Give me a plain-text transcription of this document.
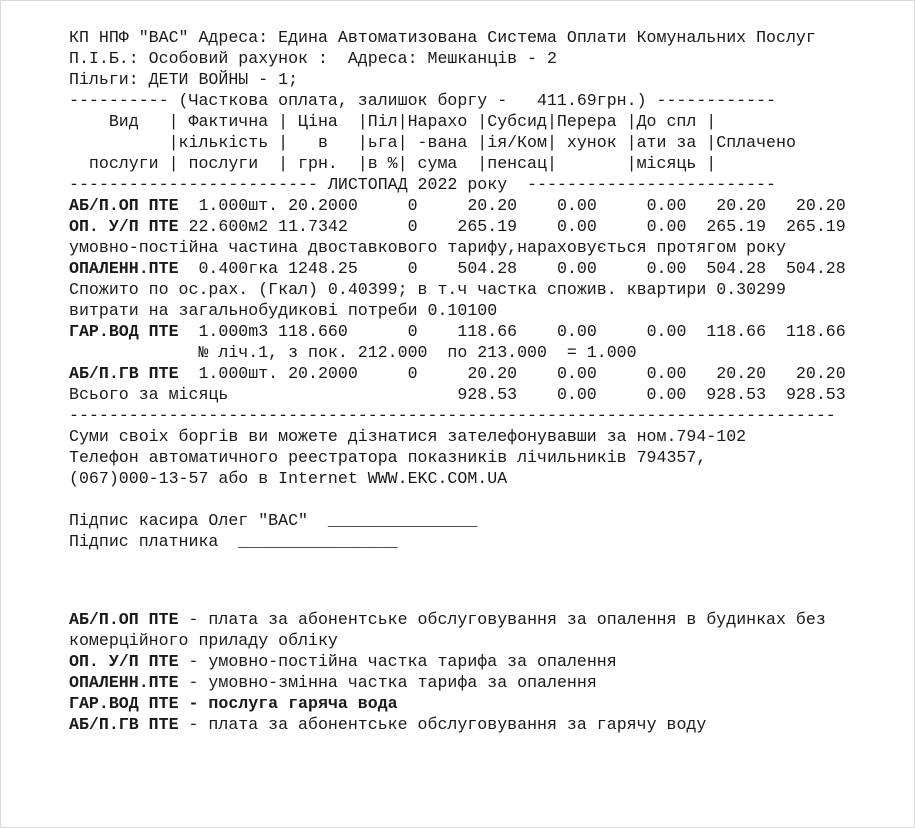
КП НПФ "ВАС" Адреса: Едина Автоматизована Система Оплати Комунальних Послуг
П.І.Б.: Особовий рахунок :  Адреса: Мешканців - 2
Пільги: ДЕТИ ВОЙНЫ - 1;
---------- (Часткова оплата, залишок боргу -   411.69грн.) ------------
Вид   | Фактична | Ціна  |Піл|Нарахо |Субсид|Перера |До спл |
|кількість |   в   |ьга| -вана |ія/Ком| хунок |ати за |Сплачено
послуги | послуги  | грн.  |в %| сума  |пенсац|       |місяць |
------------------------- ЛИСТОПАД 2022 року  -------------------------
АБ/П.ОП ПТЕ  1.000шт. 20.2000     0     20.20    0.00     0.00   20.20   20.20
ОП. У/П ПТЕ 22.600м2 11.7342      0    265.19    0.00     0.00  265.19  265.19
умовно-постійна частина двоставкового тарифу,нараховується протягом року
ОПАЛЕНН.ПТЕ  0.400гка 1248.25     0    504.28    0.00     0.00  504.28  504.28
Спожито по ос.рах. (Гкал) 0.40399; в т.ч частка спожив. квартири 0.30299
витрати на загальнобудикові потреби 0.10100
ГАР.ВОД ПТЕ  1.000m3 118.660      0    118.66    0.00     0.00  118.66  118.66
№ ліч.1, з пок. 212.000  по 213.000  = 1.000
АБ/П.ГВ ПТЕ  1.000шт. 20.2000     0     20.20    0.00     0.00   20.20   20.20
Всього за місяць                       928.53    0.00     0.00  928.53  928.53
-----------------------------------------------------------------------------
Суми своіх боргів ви можете дізнатися зателефонувавши за ном.794-102
Телефон автоматичного реестратора показників лічильників 794357,
(067)000-13-57 або в Internet WWW.EKC.COM.UA
Підпис касира Олег "ВАС"  _______________
Підпис платника  ________________
АБ/П.ОП ПТЕ - плата за абонентське обслуговування за опалення в будинках без
комерційного приладу обліку
ОП. У/П ПТЕ - умовно-постійна частка тарифа за опалення
ОПАЛЕНН.ПТЕ - умовно-змінна частка тарифа за опалення
ГАР.ВОД ПТЕ - послуга гаряча вода
АБ/П.ГВ ПТЕ - плата за абонентське обслуговування за гарячу воду
